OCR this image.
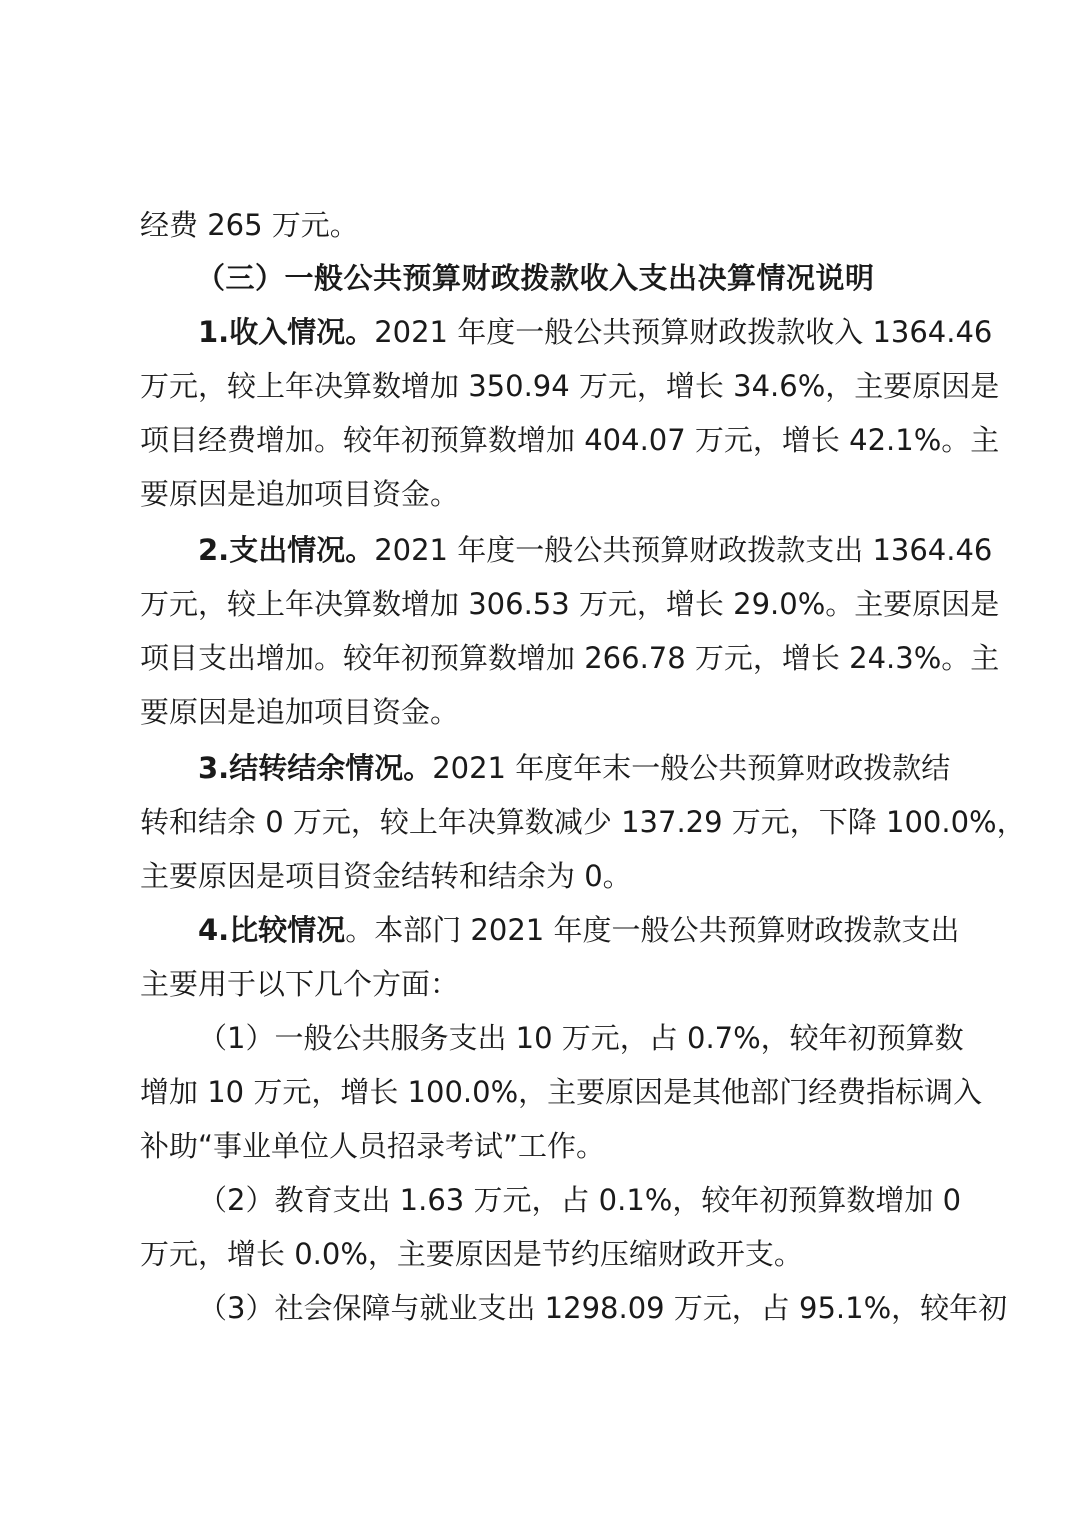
经费 265 万元。
（三）一般公共预算财政拨款收入支出决算情况说明
1.收入情况。2021 年度一般公共预算财政拨款收入 1364.46
万元，较上年决算数增加 350.94 万元，增长 34.6%，主要原因是
项目经费增加。较年初预算数增加 404.07 万元，增长 42.1%。主
要原因是追加项目资金。
2.支出情况。2021 年度一般公共预算财政拨款支出 1364.46
万元，较上年决算数增加 306.53 万元，增长 29.0%。主要原因是
项目支出增加。较年初预算数增加 266.78 万元，增长 24.3%。主
要原因是追加项目资金。
3.结转结余情况。2021 年度年末一般公共预算财政拨款结
转和结余 0 万元，较上年决算数减少 137.29 万元，下降 100.0%，
主要原因是项目资金结转和结余为 0。
4.比较情况。本部门 2021 年度一般公共预算财政拨款支出
主要用于以下几个方面：
（1）一般公共服务支出 10 万元，占 0.7%，较年初预算数
增加 10 万元，增长 100.0%，主要原因是其他部门经费指标调入
补助“事业单位人员招录考试”工作。
（2）教育支出 1.63 万元，占 0.1%，较年初预算数增加 0
万元，增长 0.0%，主要原因是节约压缩财政开支。
（3）社会保障与就业支出 1298.09 万元，占 95.1%，较年初
